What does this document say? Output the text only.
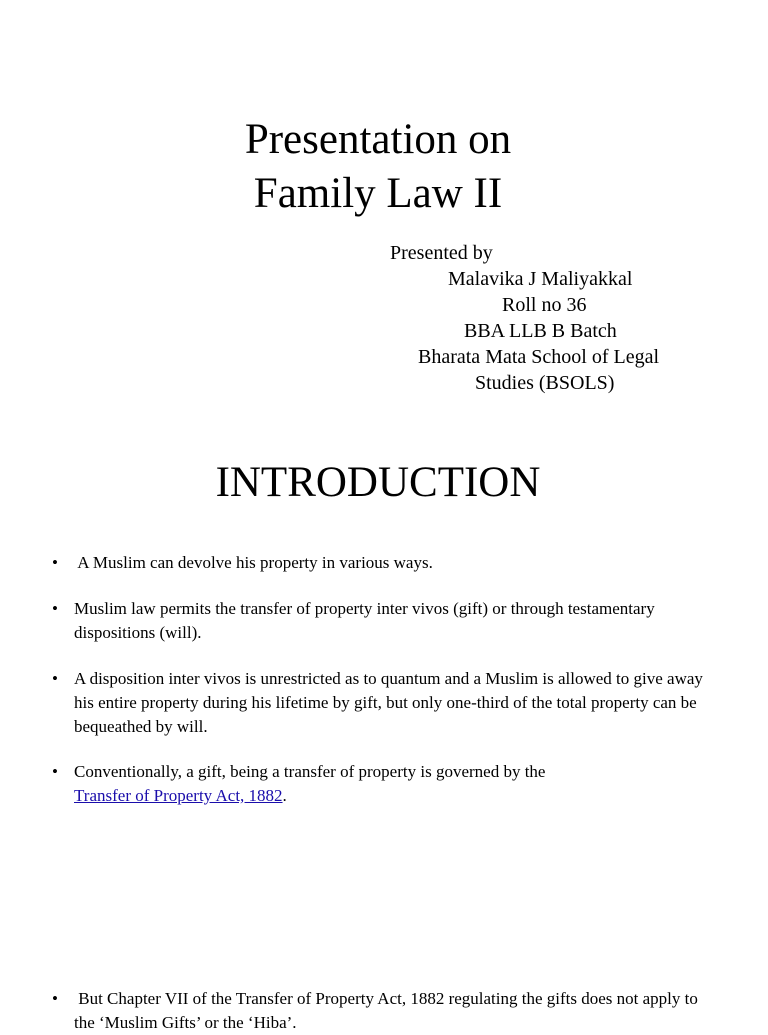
Presentation on
Family Law II
Presented by
Malavika J Maliyakkal
Roll no 36
BBA LLB B Batch
Bharata Mata School of Legal
Studies (BSOLS)
INTRODUCTION
• A Muslim can devolve his property in various ways.
• Muslim law permits the transfer of property inter vivos (gift) or through testamentary dispositions (will).
• A disposition inter vivos is unrestricted as to quantum and a Muslim is allowed to give away his entire property during his lifetime by gift, but only one-third of the total property can be bequeathed by will.
• Conventionally, a gift, being a transfer of property is governed by the
Transfer of Property Act, 1882.
• But Chapter VII of the Transfer of Property Act, 1882 regulating the gifts does not apply to the ‘Muslim Gifts’ or the ‘Hiba’.
